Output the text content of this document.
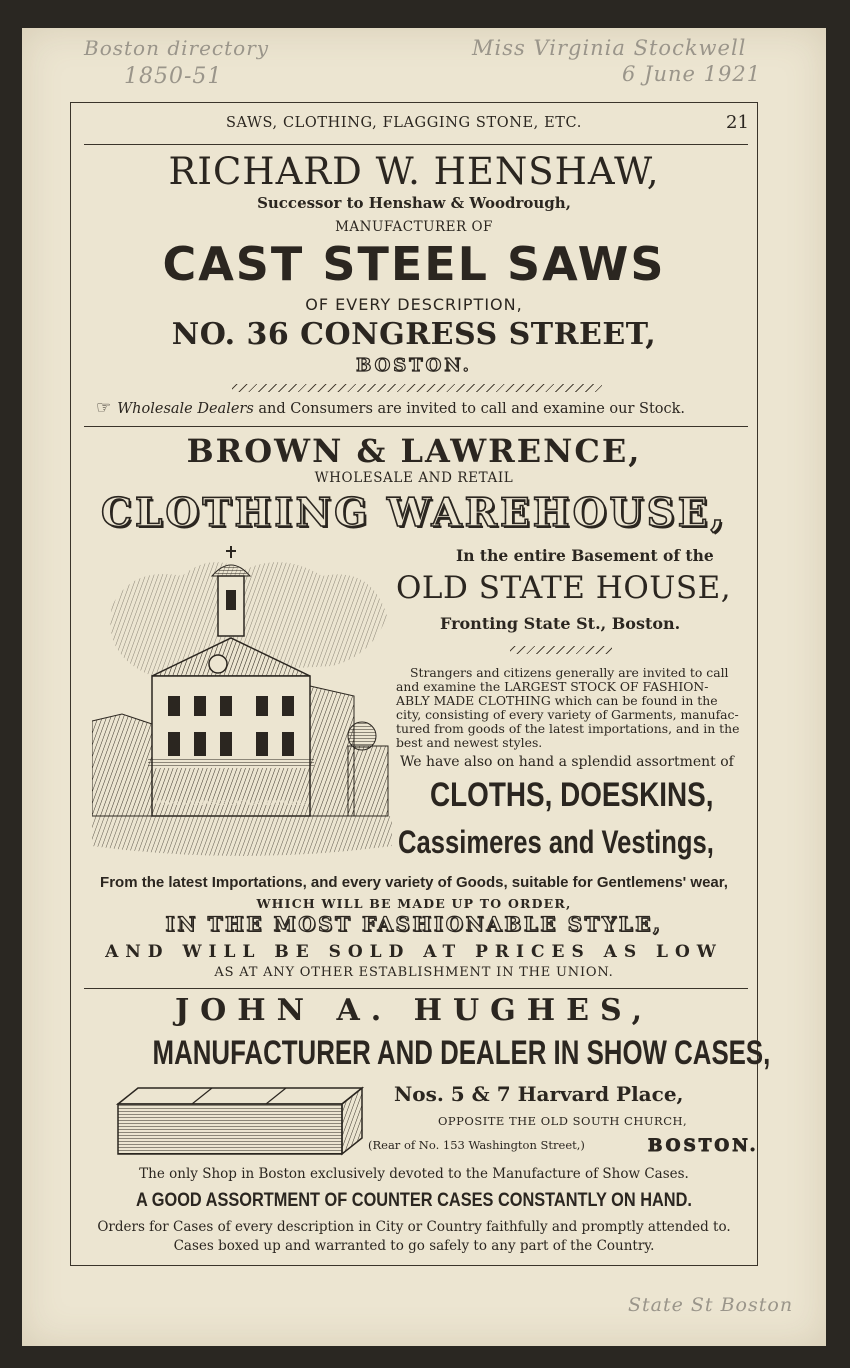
Boston directory
1850-51
Miss Virginia Stockwell
6 June 1921
State St Boston
SAWS, CLOTHING, FLAGGING STONE, ETC.	21
RICHARD W. HENSHAW,
Successor to Henshaw & Woodrough,
MANUFACTURER OF
CAST STEEL SAWS
OF EVERY DESCRIPTION,
NO. 36 CONGRESS STREET,
BOSTON.
☞ Wholesale Dealers and Consumers are invited to call and examine our Stock.
BROWN & LAWRENCE,
WHOLESALE AND RETAIL
CLOTHING WAREHOUSE,
BROWN & LAWRENCE CLOTHING WAREHOUSE
In the entire Basement of the
OLD STATE HOUSE,
Fronting State St., Boston.
Strangers and citizens generally are invited to call
and examine the LARGEST STOCK OF FASHION-
ABLY MADE CLOTHING which can be found in the
city, consisting of every variety of Garments, manufac-
tured from goods of the latest importations, and in the
best and newest styles.
We have also on hand a splendid assortment of
CLOTHS, DOESKINS,
Cassimeres and Vestings,
From the latest Importations, and every variety of Goods, suitable for Gentlemens' wear,
WHICH WILL BE MADE UP TO ORDER,
IN THE MOST FASHIONABLE STYLE,
AND WILL BE SOLD AT PRICES AS LOW
AS AT ANY OTHER ESTABLISHMENT IN THE UNION.
JOHN A. HUGHES,
MANUFACTURER AND DEALER IN SHOW CASES,
Nos. 5 & 7 Harvard Place,
OPPOSITE THE OLD SOUTH CHURCH,
(Rear of No. 153 Washington Street,)	BOSTON.
The only Shop in Boston exclusively devoted to the Manufacture of Show Cases.
A GOOD ASSORTMENT OF COUNTER CASES CONSTANTLY ON HAND.
Orders for Cases of every description in City or Country faithfully and promptly attended to.
Cases boxed up and warranted to go safely to any part of the Country.
